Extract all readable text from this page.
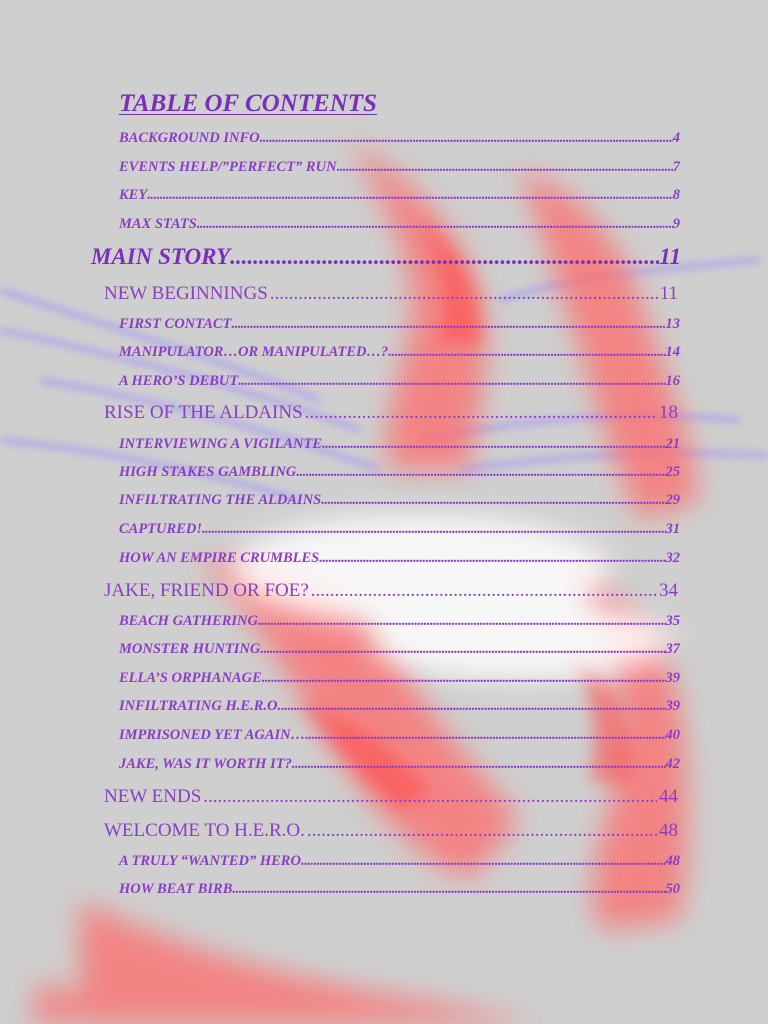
TABLE OF CONTENTS
BACKGROUND INFO .....	4
EVENTS HELP/”PERFECT” RUN .....	7
KEY .....	8
MAX STATS .....	9
MAIN STORY .....	11
NEW BEGINNINGS .....	11
FIRST CONTACT .....	13
MANIPULATOR…OR MANIPULATED…? .....	14
A HERO’S DEBUT .....	16
RISE OF THE ALDAINS .....	18
INTERVIEWING A VIGILANTE .....	21
HIGH STAKES GAMBLING .....	25
INFILTRATING THE ALDAINS .....	29
CAPTURED! .....	31
HOW AN EMPIRE CRUMBLES .....	32
JAKE, FRIEND OR FOE? .....	34
BEACH GATHERING .....	35
MONSTER HUNTING .....	37
ELLA’S ORPHANAGE .....	39
INFILTRATING H.E.R.O. .....	39
IMPRISONED YET AGAIN… .....	40
JAKE, WAS IT WORTH IT? .....	42
NEW ENDS .....	44
WELCOME TO H.E.R.O. .....	48
A TRULY “WANTED” HERO .....	48
HOW BEAT BIRB .....	50
